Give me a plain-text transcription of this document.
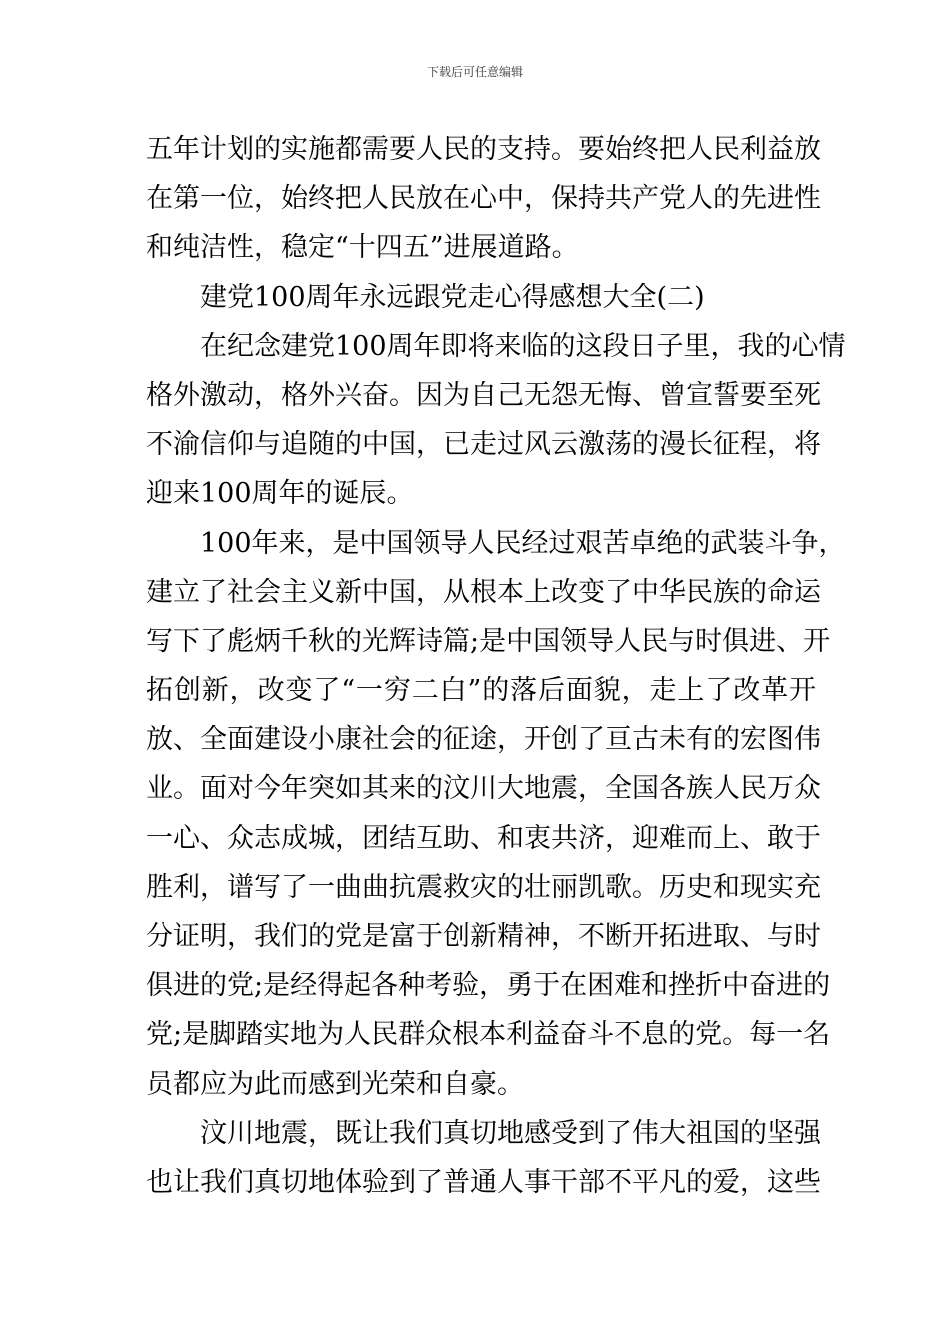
下载后可任意编辑
五年计划的实施都需要人民的支持。要始终把人民利益放
在第一位，始终把人民放在心中，保持共产党人的先进性
和纯洁性，稳定“十四五”进展道路。
建党100周年永远跟党走心得感想大全(二)
在纪念建党100周年即将来临的这段日子里，我的心情
格外激动，格外兴奋。因为自己无怨无悔、曾宣誓要至死
不渝信仰与追随的中国，已走过风云激荡的漫长征程，将
迎来100周年的诞辰。
100年来，是中国领导人民经过艰苦卓绝的武装斗争，
建立了社会主义新中国，从根本上改变了中华民族的命运
写下了彪炳千秋的光辉诗篇;是中国领导人民与时俱进、开
拓创新，改变了“一穷二白”的落后面貌，走上了改革开
放、全面建设小康社会的征途，开创了亘古未有的宏图伟
业。面对今年突如其来的汶川大地震，全国各族人民万众
一心、众志成城，团结互助、和衷共济，迎难而上、敢于
胜利，谱写了一曲曲抗震救灾的壮丽凯歌。历史和现实充
分证明，我们的党是富于创新精神，不断开拓进取、与时
俱进的党;是经得起各种考验，勇于在困难和挫折中奋进的
党;是脚踏实地为人民群众根本利益奋斗不息的党。每一名
员都应为此而感到光荣和自豪。
汶川地震，既让我们真切地感受到了伟大祖国的坚强
也让我们真切地体验到了普通人事干部不平凡的爱，这些
